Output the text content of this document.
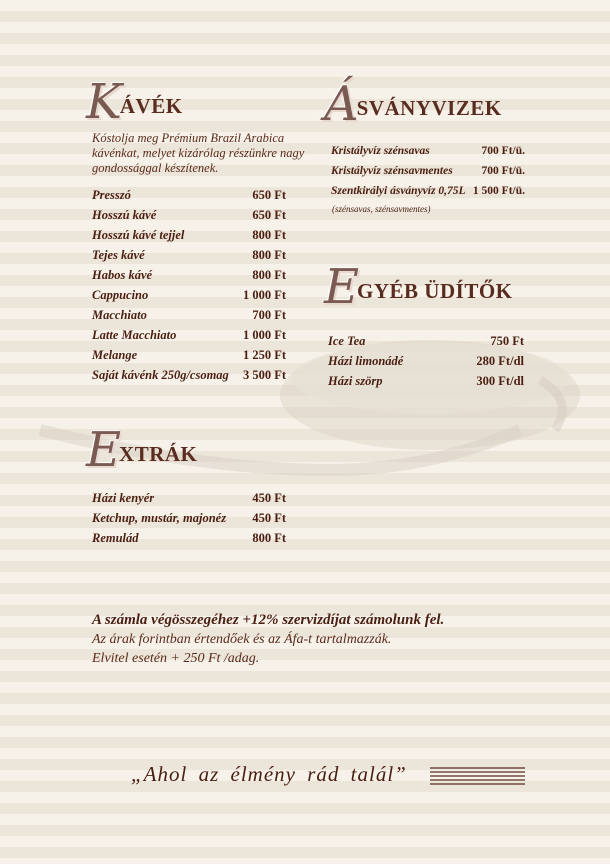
K
ÁVÉK
Kóstolja meg Prémium Brazil Arabica kávénkat, melyet kizárólag részünkre nagy gondossággal készítenek.
Presszó	650 Ft
Hosszú kávé	650 Ft
Hosszú kávé tejjel	800 Ft
Tejes kávé	800 Ft
Habos kávé	800 Ft
Cappucino	1 000 Ft
Macchiato	700 Ft
Latte Macchiato	1 000 Ft
Melange	1 250 Ft
Saját kávénk 250g/csomag 3 500 Ft
Á
SVÁNYVIZEK
Kristályvíz szénsavas	700 Ft/ü.
Kristályvíz szénsavmentes	700 Ft/ü.
Szentkirályi ásványvíz 0,75L 1 500 Ft/ü.
(szénsavas, szénsavmentes)
E
GYÉB ÜDÍTŐK
Ice Tea	750 Ft
Házi limonádé	280 Ft/dl
Házi szörp	300 Ft/dl
E
XTRÁK
Házi kenyér	450 Ft
Ketchup, mustár, majonéz 450 Ft
Remulád	800 Ft
A számla végösszegéhez +12% szervizdíjat számolunk fel.
Az árak forintban értendőek és az Áfa-t tartalmazzák.
Elvitel esetén + 250 Ft /adag.
„Ahol az élmény rád talál”
